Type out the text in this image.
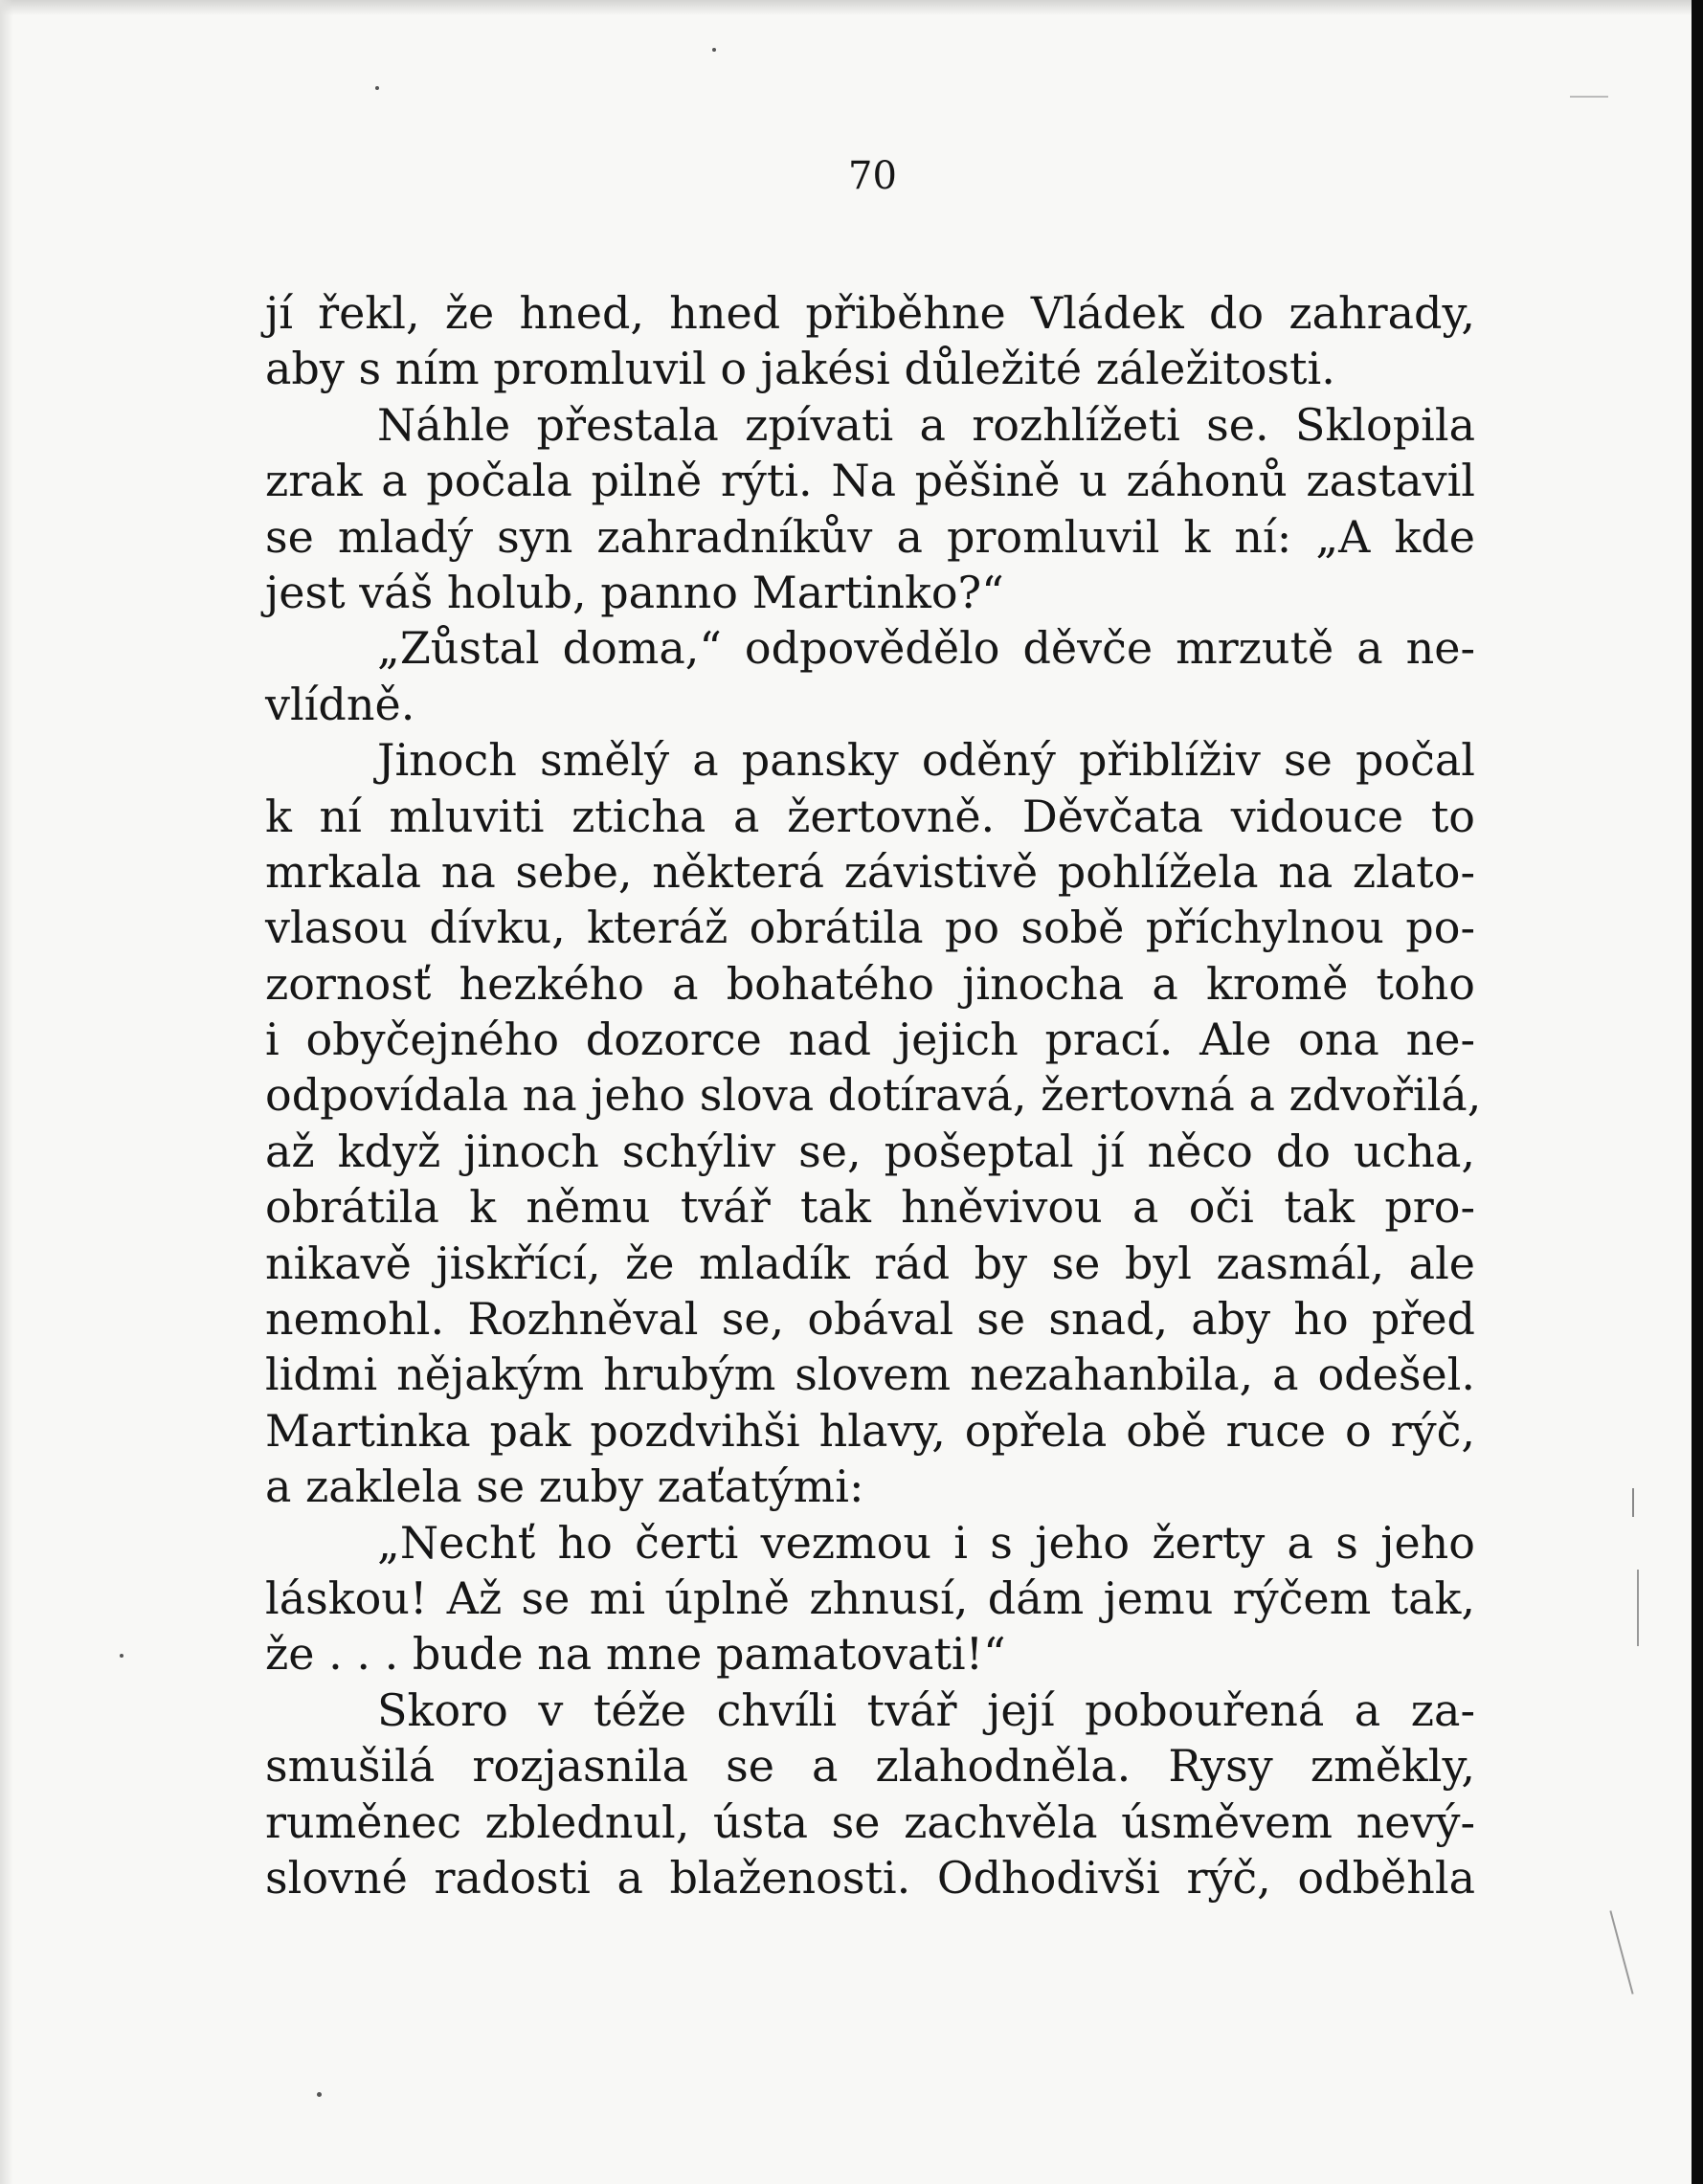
70
jí řekl, že hned, hned přiběhne Vládek do zahrady,
aby s ním promluvil o jakési důležité záležitosti.
Náhle přestala zpívati a rozhlížeti se. Sklopila
zrak a počala pilně rýti. Na pěšině u záhonů zastavil
se mladý syn zahradníkův a promluvil k ní: „A kde
jest váš holub, panno Martinko?“
„Zůstal doma,“ odpovědělo děvče mrzutě a ne-
vlídně.
Jinoch smělý a pansky oděný přiblíživ se počal
k ní mluviti zticha a žertovně. Děvčata vidouce to
mrkala na sebe, některá závistivě pohlížela na zlato-
vlasou dívku, kteráž obrátila po sobě příchylnou po-
zornosť hezkého a bohatého jinocha a kromě toho
i obyčejného dozorce nad jejich prací. Ale ona ne-
odpovídala na jeho slova dotíravá, žertovná a zdvořilá,
až když jinoch schýliv se, pošeptal jí něco do ucha,
obrátila k němu tvář tak hněvivou a oči tak pro-
nikavě jiskřící, že mladík rád by se byl zasmál, ale
nemohl. Rozhněval se, obával se snad, aby ho před
lidmi nějakým hrubým slovem nezahanbila, a odešel.
Martinka pak pozdvihši hlavy, opřela obě ruce o rýč,
a zaklela se zuby zaťatými:
„Nechť ho čerti vezmou i s jeho žerty a s jeho
láskou! Až se mi úplně zhnusí, dám jemu rýčem tak,
že . . . bude na mne pamatovati!“
Skoro v téže chvíli tvář její pobouřená a za-
smušilá rozjasnila se a zlahodněla. Rysy změkly,
ruměnec zblednul, ústa se zachvěla úsměvem nevý-
slovné radosti a blaženosti. Odhodivši rýč, odběhla
